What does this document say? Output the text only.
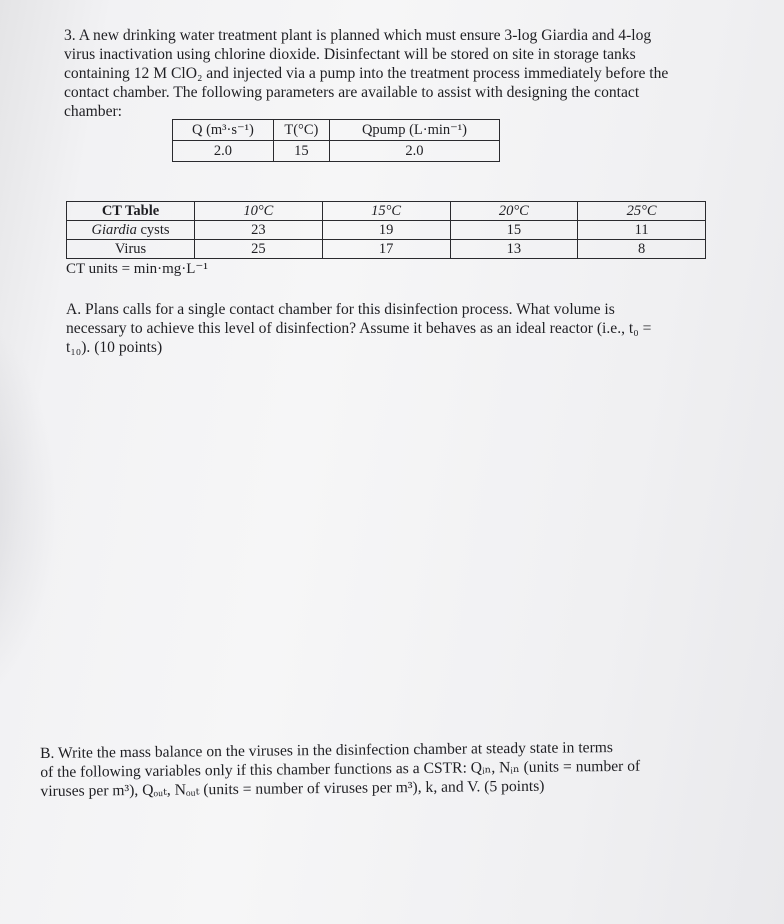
3. A new drinking water treatment plant is planned which must ensure 3-log Giardia and 4-log
virus inactivation using chlorine dioxide. Disinfectant will be stored on site in storage tanks
containing 12 M ClO₂ and injected via a pump into the treatment process immediately before the
contact chamber. The following parameters are available to assist with designing the contact
chamber:
Q (m³·s⁻¹)	T(°C)	Qpump (L·min⁻¹)
2.0	15	2.0
CT Table	10°C	15°C	20°C	25°C
Giardia cysts	23	19	15	11
Virus	25	17	13	8
CT units = min·mg·L⁻¹
A. Plans calls for a single contact chamber for this disinfection process. What volume is
necessary to achieve this level of disinfection? Assume it behaves as an ideal reactor (i.e., t₀ =
t₁₀). (10 points)
B. Write the mass balance on the viruses in the disinfection chamber at steady state in terms
of the following variables only if this chamber functions as a CSTR: Qᵢₙ, Nᵢₙ (units = number of
viruses per m³), Qₒᵤₜ, Nₒᵤₜ (units = number of viruses per m³), k, and V. (5 points)
